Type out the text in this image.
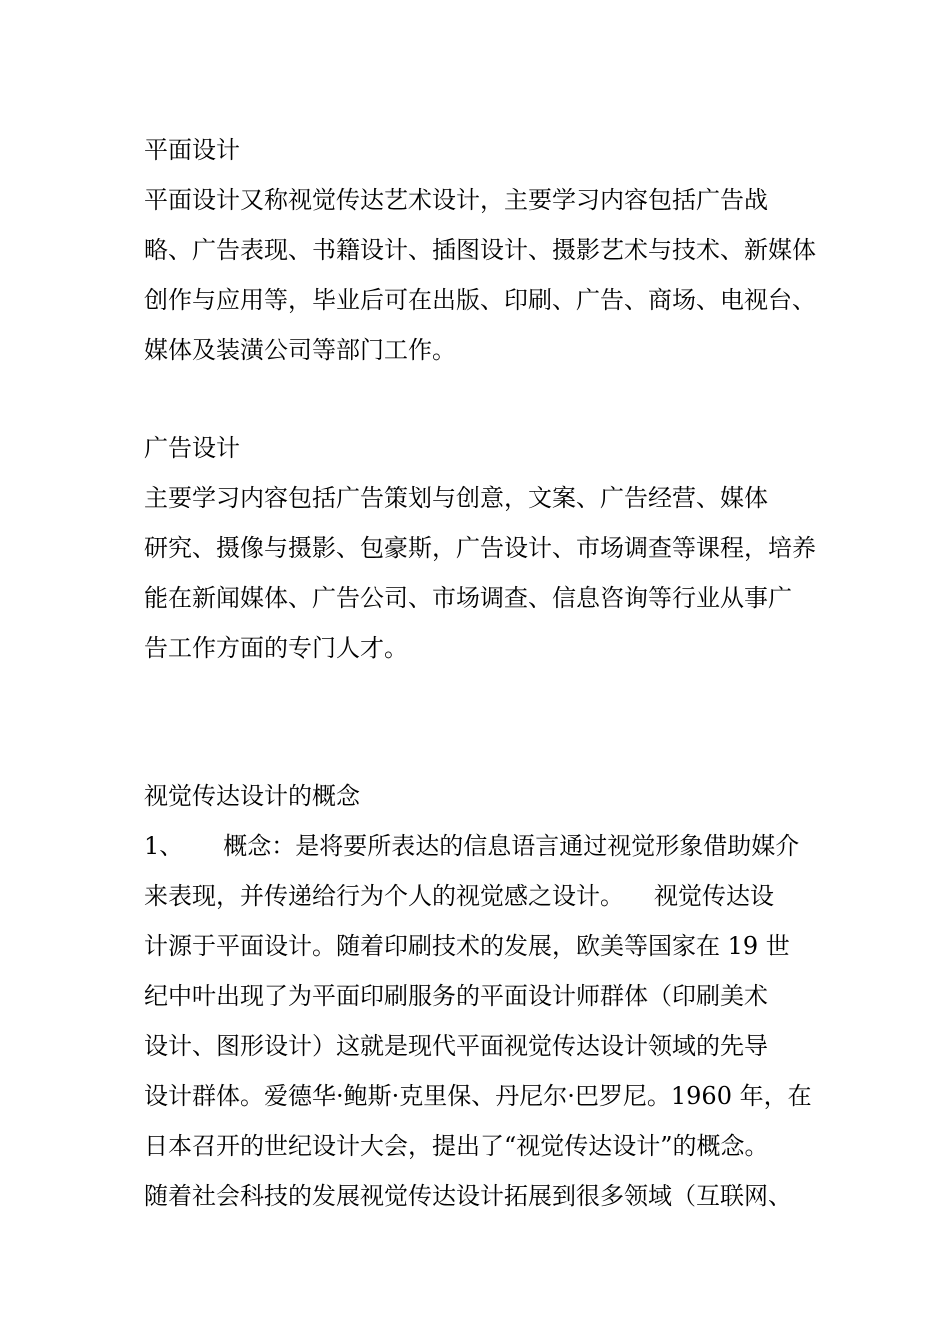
平面设计
平面设计又称视觉传达艺术设计，主要学习内容包括广告战
略、广告表现、书籍设计、插图设计、摄影艺术与技术、新媒体
创作与应用等，毕业后可在出版、印刷、广告、商场、电视台、
媒体及装潢公司等部门工作。
广告设计
主要学习内容包括广告策划与创意，文案、广告经营、媒体
研究、摄像与摄影、包豪斯，广告设计、市场调查等课程，培养
能在新闻媒体、广告公司、市场调查、信息咨询等行业从事广
告工作方面的专门人才。
视觉传达设计的概念
1、 概念：是将要所表达的信息语言通过视觉形象借助媒介
来表现，并传递给行为个人的视觉感之设计。 视觉传达设
计源于平面设计。随着印刷技术的发展，欧美等国家在 19 世
纪中叶出现了为平面印刷服务的平面设计师群体（印刷美术
设计、图形设计）这就是现代平面视觉传达设计领域的先导
设计群体。爱德华·鲍斯·克里保、丹尼尔·巴罗尼。1960 年，在
日本召开的世纪设计大会，提出了“视觉传达设计”的概念。
随着社会科技的发展视觉传达设计拓展到很多领域（互联网、
